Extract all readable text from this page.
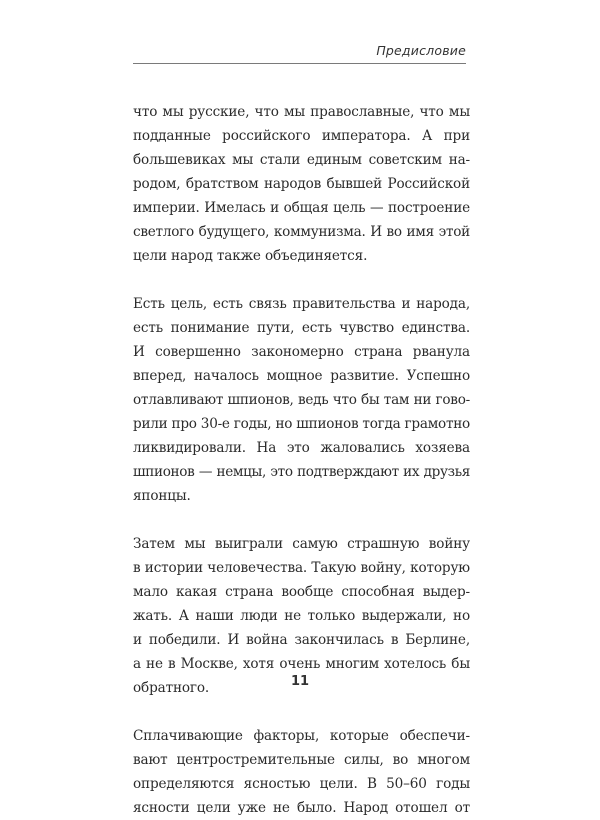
Предисловие
что мы русские, что мы православные, что мы
подданные российского императора. А при
большевиках мы стали единым советским на-
родом, братством народов бывшей Российской
империи. Имелась и общая цель — построение
светлого будущего, коммунизма. И во имя этой
цели народ также объединяется.
Есть цель, есть связь правительства и народа,
есть понимание пути, есть чувство единства.
И совершенно закономерно страна рванула
вперед, началось мощное развитие. Успешно
отлавливают шпионов, ведь что бы там ни гово-
рили про 30-е годы, но шпионов тогда грамотно
ликвидировали. На это жаловались хозяева
шпионов — немцы, это подтверждают их друзья
японцы.
Затем мы выиграли самую страшную войну
в истории человечества. Такую войну, которую
мало какая страна вообще способная выдер-
жать. А наши люди не только выдержали, но
и победили. И война закончилась в Берлине,
а не в Москве, хотя очень многим хотелось бы
обратного.
Сплачивающие факторы, которые обеспечи-
вают центростремительные силы, во многом
определяются ясностью цели. В 50–60 годы
ясности цели уже не было. Народ отошел от
11
